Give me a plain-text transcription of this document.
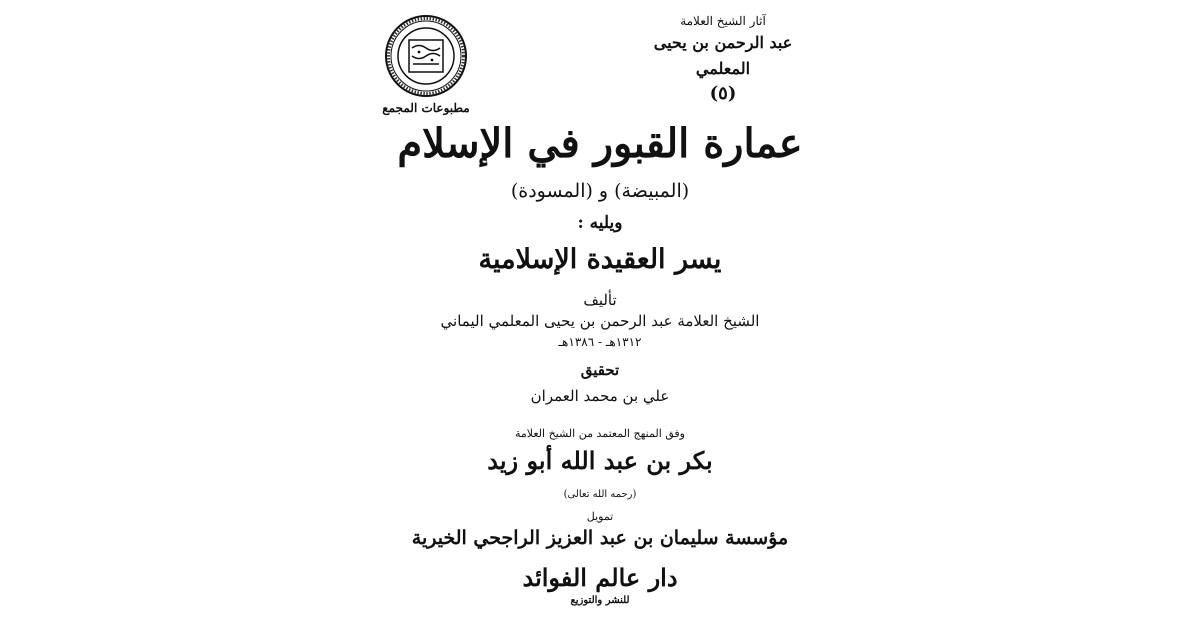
آثار الشيخ العلامة
عبد الرحمن بن يحيى المعلمي
(٥)
مطبوعات المجمع
عمارة القبور في الإسلام
(المبيضة) و (المسودة)
ويليه :
يسر العقيدة الإسلامية
تأليف
الشيخ العلامة عبد الرحمن بن يحيى المعلمي اليماني
١٣١٢هـ - ١٣٨٦هـ
تحقيق
علي بن محمد العمران
وفق المنهج المعتمد من الشيخ العلامة
بكر بن عبد الله أبو زيد
(رحمه الله تعالى)
تمويل
مؤسسة سليمان بن عبد العزيز الراجحي الخيرية
دار عالم الفوائد
للنشر والتوزيع
